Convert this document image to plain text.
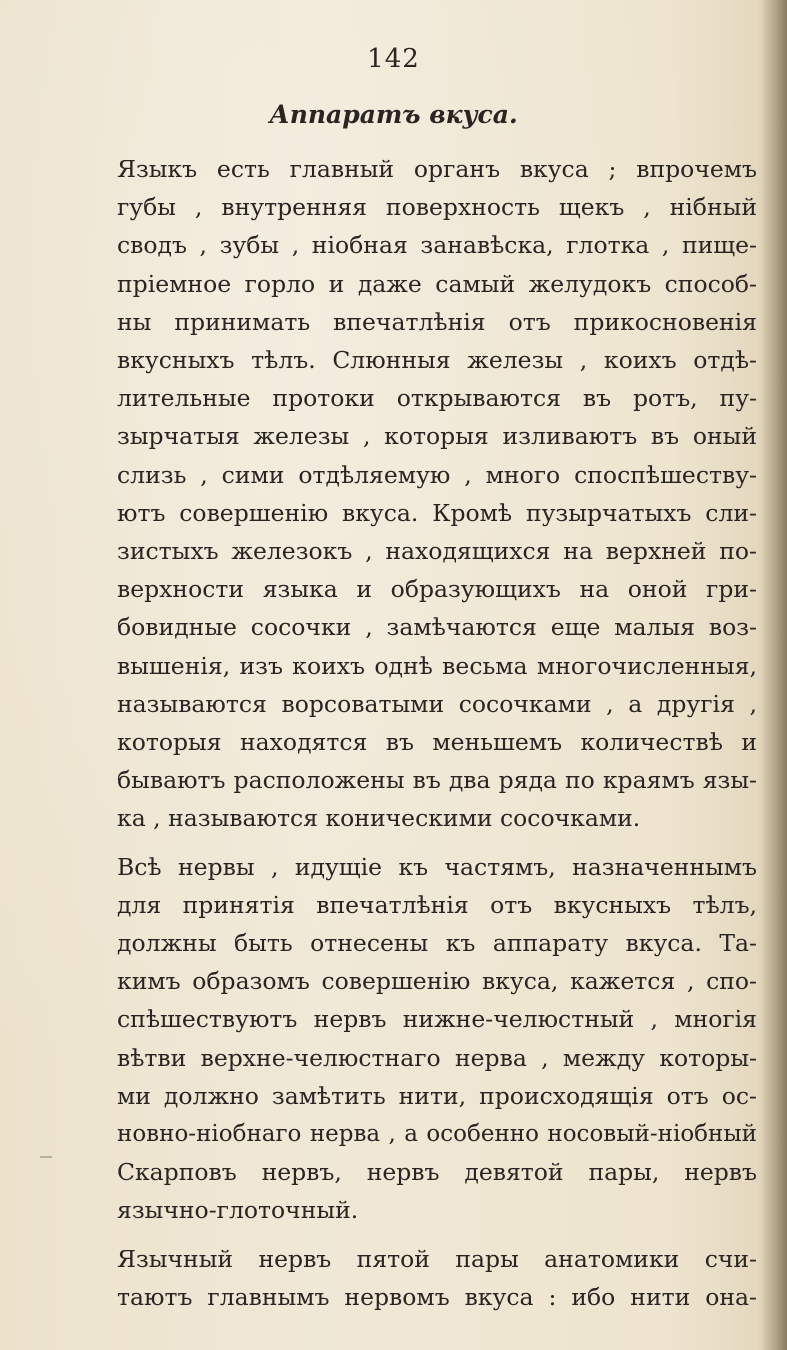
142
Аппаратъ вкуса.
Языкъ есть главный органъ вкуса ; впрочемъ
губы , внутренняя поверхность щекъ , нібный
сводъ , зубы , ніобная занавѣска, глотка , пище-
пріемное горло и даже самый желудокъ способ-
ны принимать впечатлѣнія отъ прикосновенія
вкусныхъ тѣлъ. Слюнныя железы , коихъ отдѣ-
лительные протоки открываются въ ротъ, пу-
зырчатыя железы , которыя изливаютъ въ оный
слизь , сими отдѣляемую , много споспѣшеству-
ютъ совершенію вкуса. Кромѣ пузырчатыхъ сли-
зистыхъ железокъ , находящихся на верхней по-
верхности языка и образующихъ на оной гри-
бовидные сосочки , замѣчаются еще малыя воз-
вышенія, изъ коихъ однѣ весьма многочисленныя,
называются ворсоватыми сосочками , а другія ,
которыя находятся въ меньшемъ количествѣ и
бываютъ расположены въ два ряда по краямъ язы-
ка , называются коническими сосочками.
Всѣ нервы , идущіе къ частямъ, назначеннымъ
для принятія впечатлѣнія отъ вкусныхъ тѣлъ,
должны быть отнесены къ аппарату вкуса. Та-
кимъ образомъ совершенію вкуса, кажется , спо-
спѣшествуютъ нервъ нижне-челюстный , многія
вѣтви верхне-челюстнаго нерва , между которы-
ми должно замѣтить нити, происходящія отъ ос-
новно-ніобнаго нерва , а особенно носовый-ніобный
Скарповъ нервъ, нервъ девятой пары, нервъ
язычно-глоточный.
Язычный нервъ пятой пары анатомики счи-
таютъ главнымъ нервомъ вкуса : ибо нити она-
